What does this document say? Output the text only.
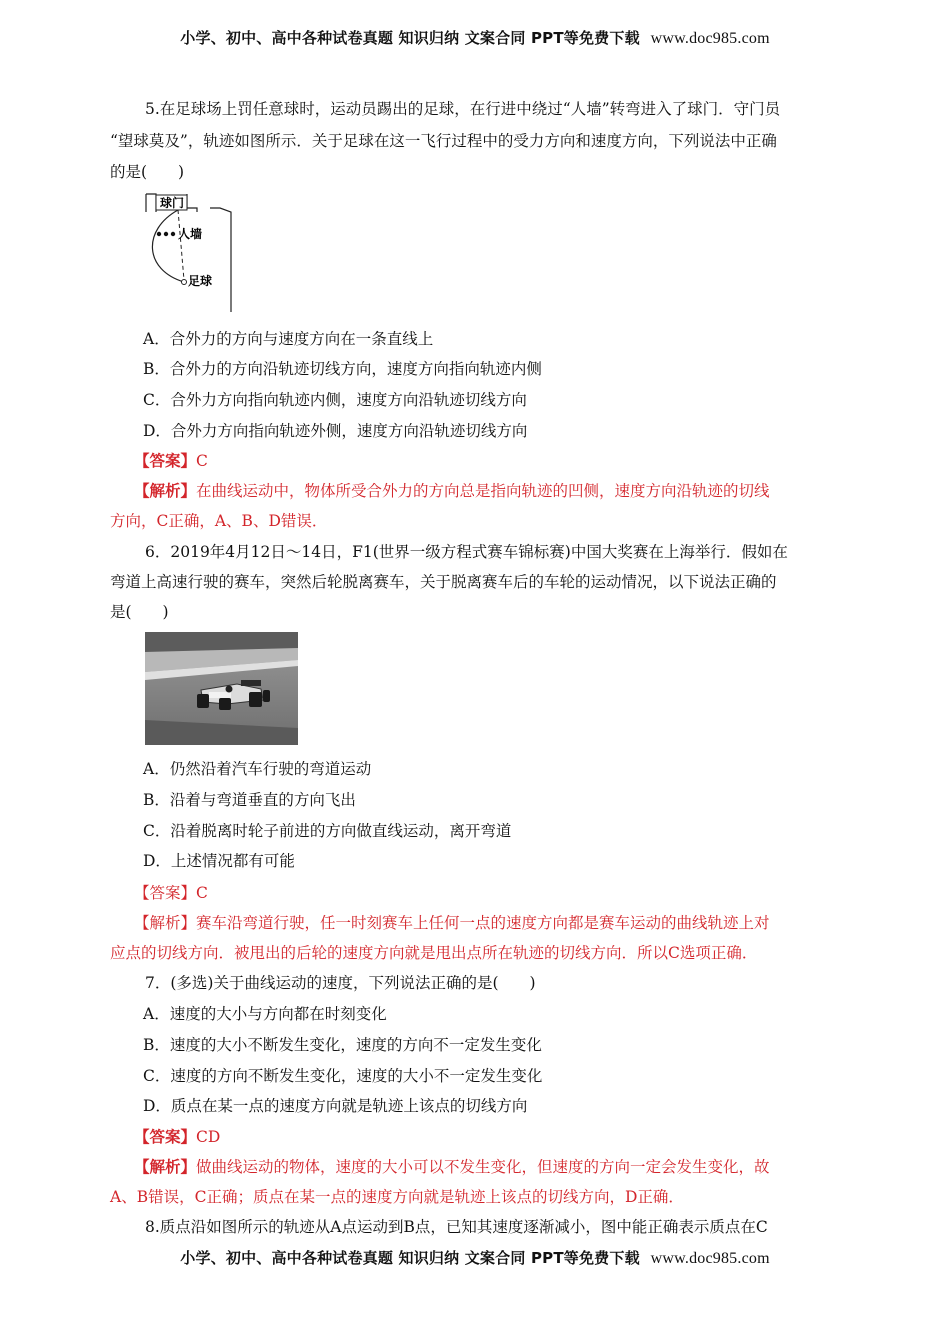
小学、初中、高中各种试卷真题 知识归纳 文案合同 PPT等免费下载 www.doc985.com
5.在足球场上罚任意球时，运动员踢出的足球，在行进中绕过“人墙”转弯进入了球门．守门员
“望球莫及”，轨迹如图所示．关于足球在这一飞行过程中的受力方向和速度方向，下列说法中正确
的是(　　)
球门
人墙
足球
A．合外力的方向与速度方向在一条直线上
B．合外力的方向沿轨迹切线方向，速度方向指向轨迹内侧
C．合外力方向指向轨迹内侧，速度方向沿轨迹切线方向
D．合外力方向指向轨迹外侧，速度方向沿轨迹切线方向
【答案】C
【解析】在曲线运动中，物体所受合外力的方向总是指向轨迹的凹侧，速度方向沿轨迹的切线
方向，C正确，A、B、D错误．
6．2019年4月12日～14日，F1(世界一级方程式赛车锦标赛)中国大奖赛在上海举行．假如在
弯道上高速行驶的赛车，突然后轮脱离赛车，关于脱离赛车后的车轮的运动情况，以下说法正确的
是(　　)
A．仍然沿着汽车行驶的弯道运动
B．沿着与弯道垂直的方向飞出
C．沿着脱离时轮子前进的方向做直线运动，离开弯道
D．上述情况都有可能
【答案】C
【解析】赛车沿弯道行驶，任一时刻赛车上任何一点的速度方向都是赛车运动的曲线轨迹上对
应点的切线方向．被甩出的后轮的速度方向就是甩出点所在轨迹的切线方向．所以C选项正确．
7．(多选)关于曲线运动的速度，下列说法正确的是(　　)
A．速度的大小与方向都在时刻变化
B．速度的大小不断发生变化，速度的方向不一定发生变化
C．速度的方向不断发生变化，速度的大小不一定发生变化
D．质点在某一点的速度方向就是轨迹上该点的切线方向
【答案】CD
【解析】做曲线运动的物体，速度的大小可以不发生变化，但速度的方向一定会发生变化，故
A、B错误，C正确；质点在某一点的速度方向就是轨迹上该点的切线方向，D正确．
8.质点沿如图所示的轨迹从A点运动到B点，已知其速度逐渐减小，图中能正确表示质点在C
小学、初中、高中各种试卷真题 知识归纳 文案合同 PPT等免费下载 www.doc985.com
